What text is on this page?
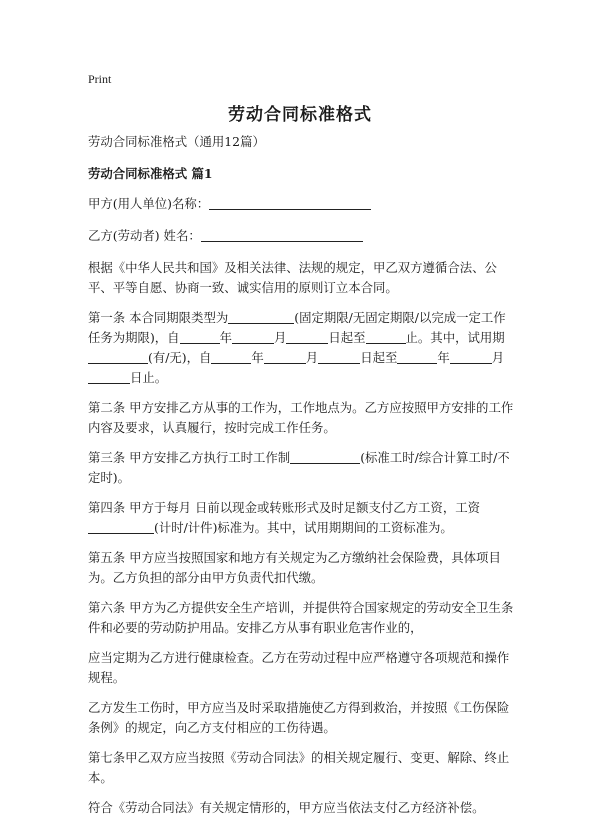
Print
劳动合同标准格式

劳动合同标准格式（通用12篇）

劳动合同标准格式 篇1

甲方(用人单位)名称：

乙方(劳动者) 姓名：

根据《中华人民共和国》及相关法律、法规的规定，甲乙双方遵循合法、公平、平等自愿、协商一致、诚实信用的原则订立本合同。

第一条 本合同期限类型为	(固定期限/无固定期限/以完成一定工作任务为期限)，自	年	月	日起至	止。其中，试用期(有/无)，自	年	月	日起至	年	月日止。

第二条 甲方安排乙方从事的工作为，工作地点为。乙方应按照甲方安排的工作内容及要求，认真履行，按时完成工作任务。

第三条 甲方安排乙方执行工时工作制	(标准工时/综合计算工时/不定时)。

第四条 甲方于每月 日前以现金或转账形式及时足额支付乙方工资，工资(计时/计件)标准为。其中，试用期期间的工资标准为。

第五条 甲方应当按照国家和地方有关规定为乙方缴纳社会保险费，具体项目为。乙方负担的部分由甲方负责代扣代缴。

第六条 甲方为乙方提供安全生产培训，并提供符合国家规定的劳动安全卫生条件和必要的劳动防护用品。安排乙方从事有职业危害作业的，

应当定期为乙方进行健康检查。乙方在劳动过程中应严格遵守各项规范和操作规程。

乙方发生工伤时，甲方应当及时采取措施使乙方得到救治，并按照《工伤保险条例》的规定，向乙方支付相应的工伤待遇。

第七条甲乙双方应当按照《劳动合同法》的相关规定履行、变更、解除、终止本。

符合《劳动合同法》有关规定情形的，甲方应当依法支付乙方经济补偿。
